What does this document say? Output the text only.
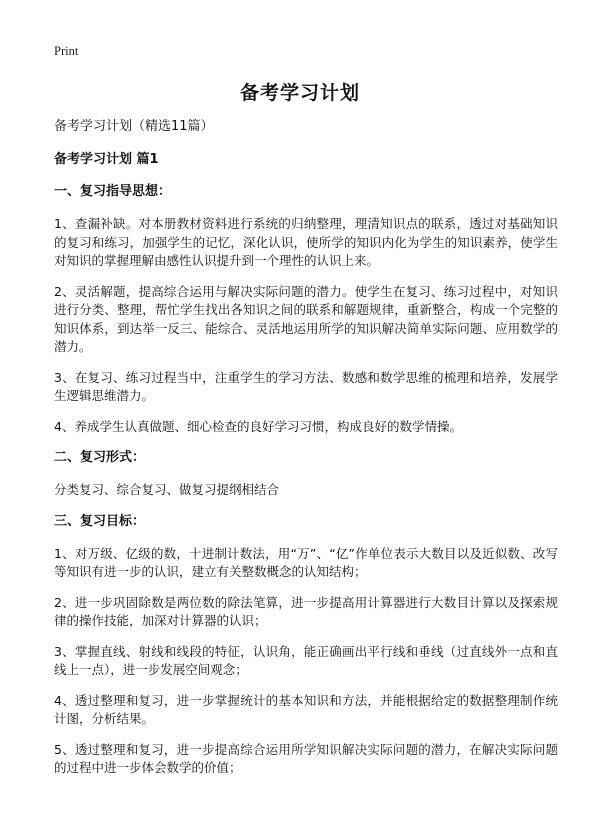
Print
备考学习计划

备考学习计划（精选11篇）

备考学习计划 篇1

一、复习指导思想：

1、查漏补缺。对本册教材资料进行系统的归纳整理，理清知识点的联系，透过对基础知识的复习和练习，加强学生的记忆，深化认识，使所学的知识内化为学生的知识素养，使学生对知识的掌握理解由感性认识提升到一个理性的认识上来。

2、灵活解题，提高综合运用与解决实际问题的潜力。使学生在复习、练习过程中，对知识进行分类、整理，帮忙学生找出各知识之间的联系和解题规律，重新整合，构成一个完整的知识体系，到达举一反三、能综合、灵活地运用所学的知识解决简单实际问题、应用数学的潜力。

3、在复习、练习过程当中，注重学生的学习方法、数感和数学思维的梳理和培养，发展学生逻辑思维潜力。

4、养成学生认真做题、细心检查的良好学习习惯，构成良好的数学情操。

二、复习形式：

分类复习、综合复习、做复习提纲相结合

三、复习目标：

1、对万级、亿级的数，十进制计数法，用“万”、“亿”作单位表示大数目以及近似数、改写等知识有进一步的认识，建立有关整数概念的认知结构；

2、进一步巩固除数是两位数的除法笔算，进一步提高用计算器进行大数目计算以及探索规律的操作技能，加深对计算器的认识；

3、掌握直线、射线和线段的特征，认识角，能正确画出平行线和垂线（过直线外一点和直线上一点），进一步发展空间观念；

4、透过整理和复习，进一步掌握统计的基本知识和方法，并能根据给定的数据整理制作统计图，分析结果。

5、透过整理和复习，进一步提高综合运用所学知识解决实际问题的潜力，在解决实际问题的过程中进一步体会数学的价值；
